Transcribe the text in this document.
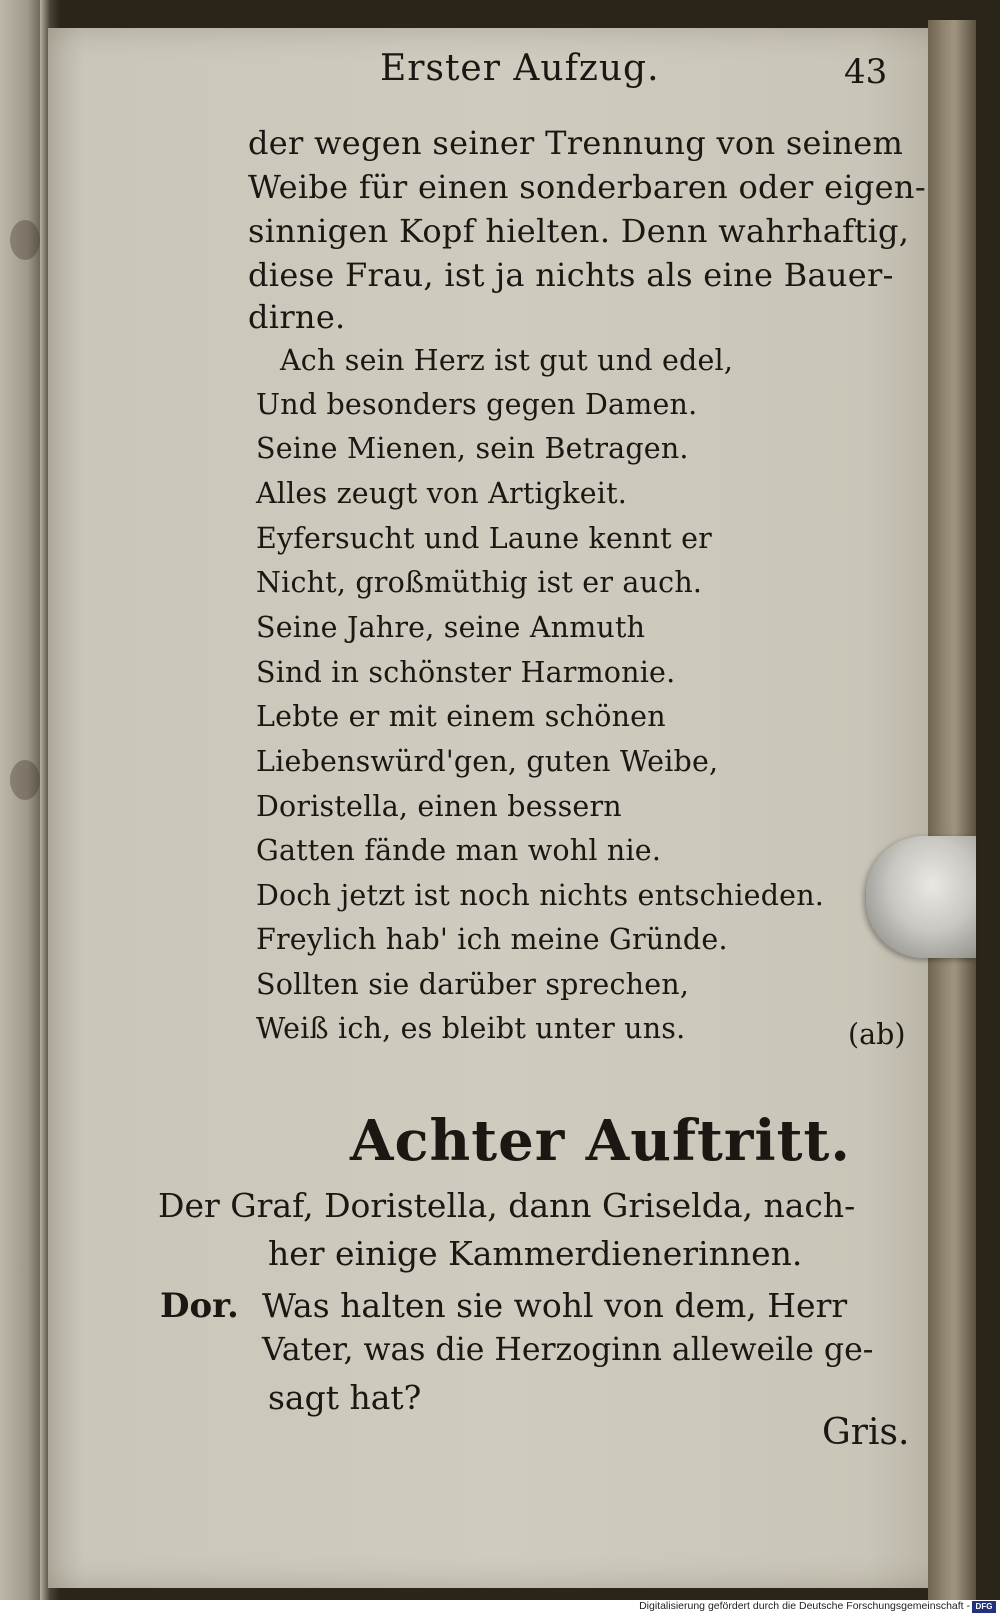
Erster Aufzug.	43
der wegen seiner Trennung von seinem
Weibe für einen sonderbaren oder eigen-
sinnigen Kopf hielten. Denn wahrhaftig,
diese Frau, ist ja nichts als eine Bauer-
dirne.
Ach sein Herz ist gut und edel,
Und besonders gegen Damen.
Seine Mienen, sein Betragen.
Alles zeugt von Artigkeit.
Eyfersucht und Laune kennt er
Nicht, großmüthig ist er auch.
Seine Jahre, seine Anmuth
Sind in schönster Harmonie.
Lebte er mit einem schönen
Liebenswürd'gen, guten Weibe,
Doristella, einen bessern
Gatten fände man wohl nie.
Doch jetzt ist noch nichts entschieden.
Freylich hab' ich meine Gründe.
Sollten sie darüber sprechen,
Weiß ich, es bleibt unter uns.	(ab)
Achter Auftritt.
Der Graf, Doristella, dann Griselda, nach-
her einige Kammerdienerinnen.
Dor. Was halten sie wohl von dem, Herr
Vater, was die Herzoginn alleweile ge-
sagt hat?
Gris.
Digitalisierung gefördert durch die Deutsche Forschungsgemeinschaft - DFG
